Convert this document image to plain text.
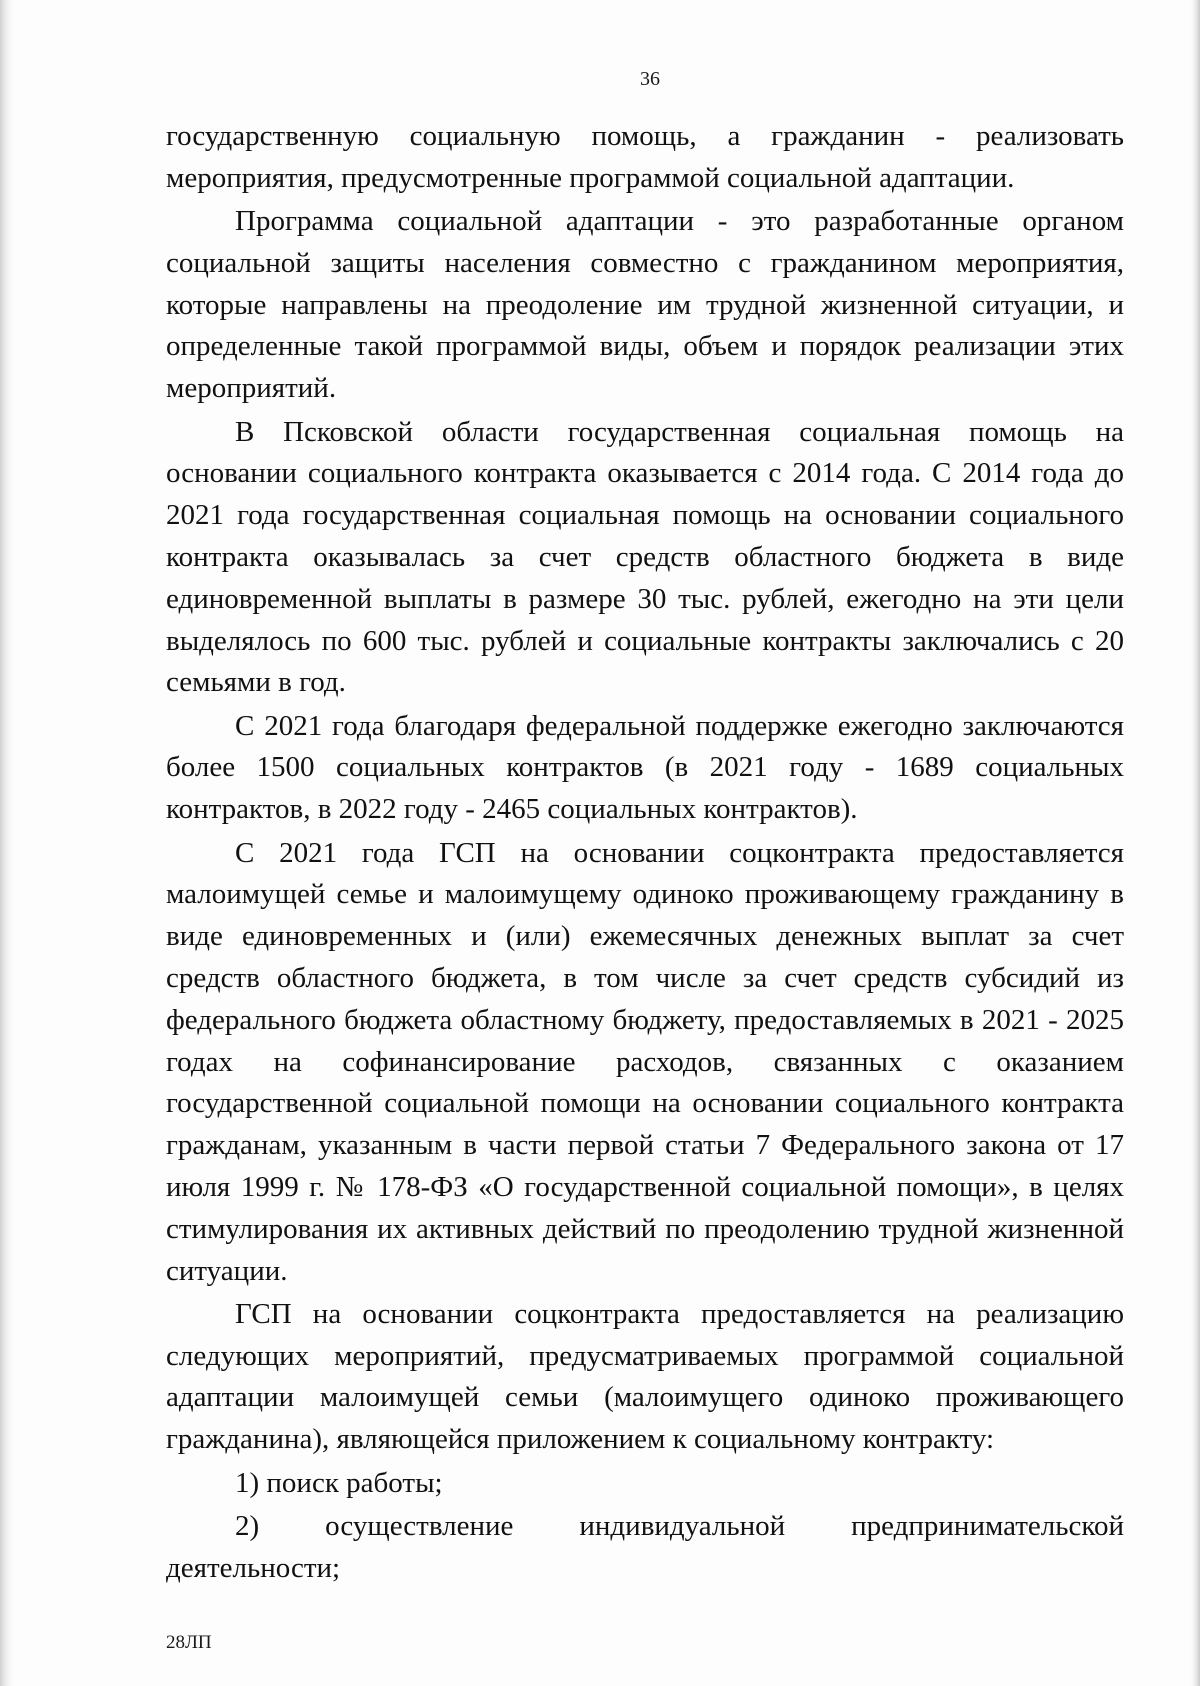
36

государственную социальную помощь, а гражданин - реализовать мероприятия, предусмотренные программой социальной адаптации.

Программа социальной адаптации - это разработанные органом социальной защиты населения совместно с гражданином мероприятия, которые направлены на преодоление им трудной жизненной ситуации, и определенные такой программой виды, объем и порядок реализации этих мероприятий.

В Псковской области государственная социальная помощь на основании социального контракта оказывается с 2014 года. С 2014 года до 2021 года государственная социальная помощь на основании социального контракта оказывалась за счет средств областного бюджета в виде единовременной выплаты в размере 30 тыс. рублей, ежегодно на эти цели выделялось по 600 тыс. рублей и социальные контракты заключались с 20 семьями в год.

С 2021 года благодаря федеральной поддержке ежегодно заключаются более 1500 социальных контрактов (в 2021 году - 1689 социальных контрактов, в 2022 году - 2465 социальных контрактов).

С 2021 года ГСП на основании соцконтракта предоставляется малоимущей семье и малоимущему одиноко проживающему гражданину в виде единовременных и (или) ежемесячных денежных выплат за счет средств областного бюджета, в том числе за счет средств субсидий из федерального бюджета областному бюджету, предоставляемых в 2021 - 2025 годах на софинансирование расходов, связанных с оказанием государственной социальной помощи на основании социального контракта гражданам, указанным в части первой статьи 7 Федерального закона от 17 июля 1999 г. № 178-ФЗ «О государственной социальной помощи», в целях стимулирования их активных действий по преодолению трудной жизненной ситуации.

ГСП на основании соцконтракта предоставляется на реализацию следующих мероприятий, предусматриваемых программой социальной адаптации малоимущей семьи (малоимущего одиноко проживающего гражданина), являющейся приложением к социальному контракту:

1) поиск работы;

2) осуществление индивидуальной предпринимательской деятельности;

28ЛП
